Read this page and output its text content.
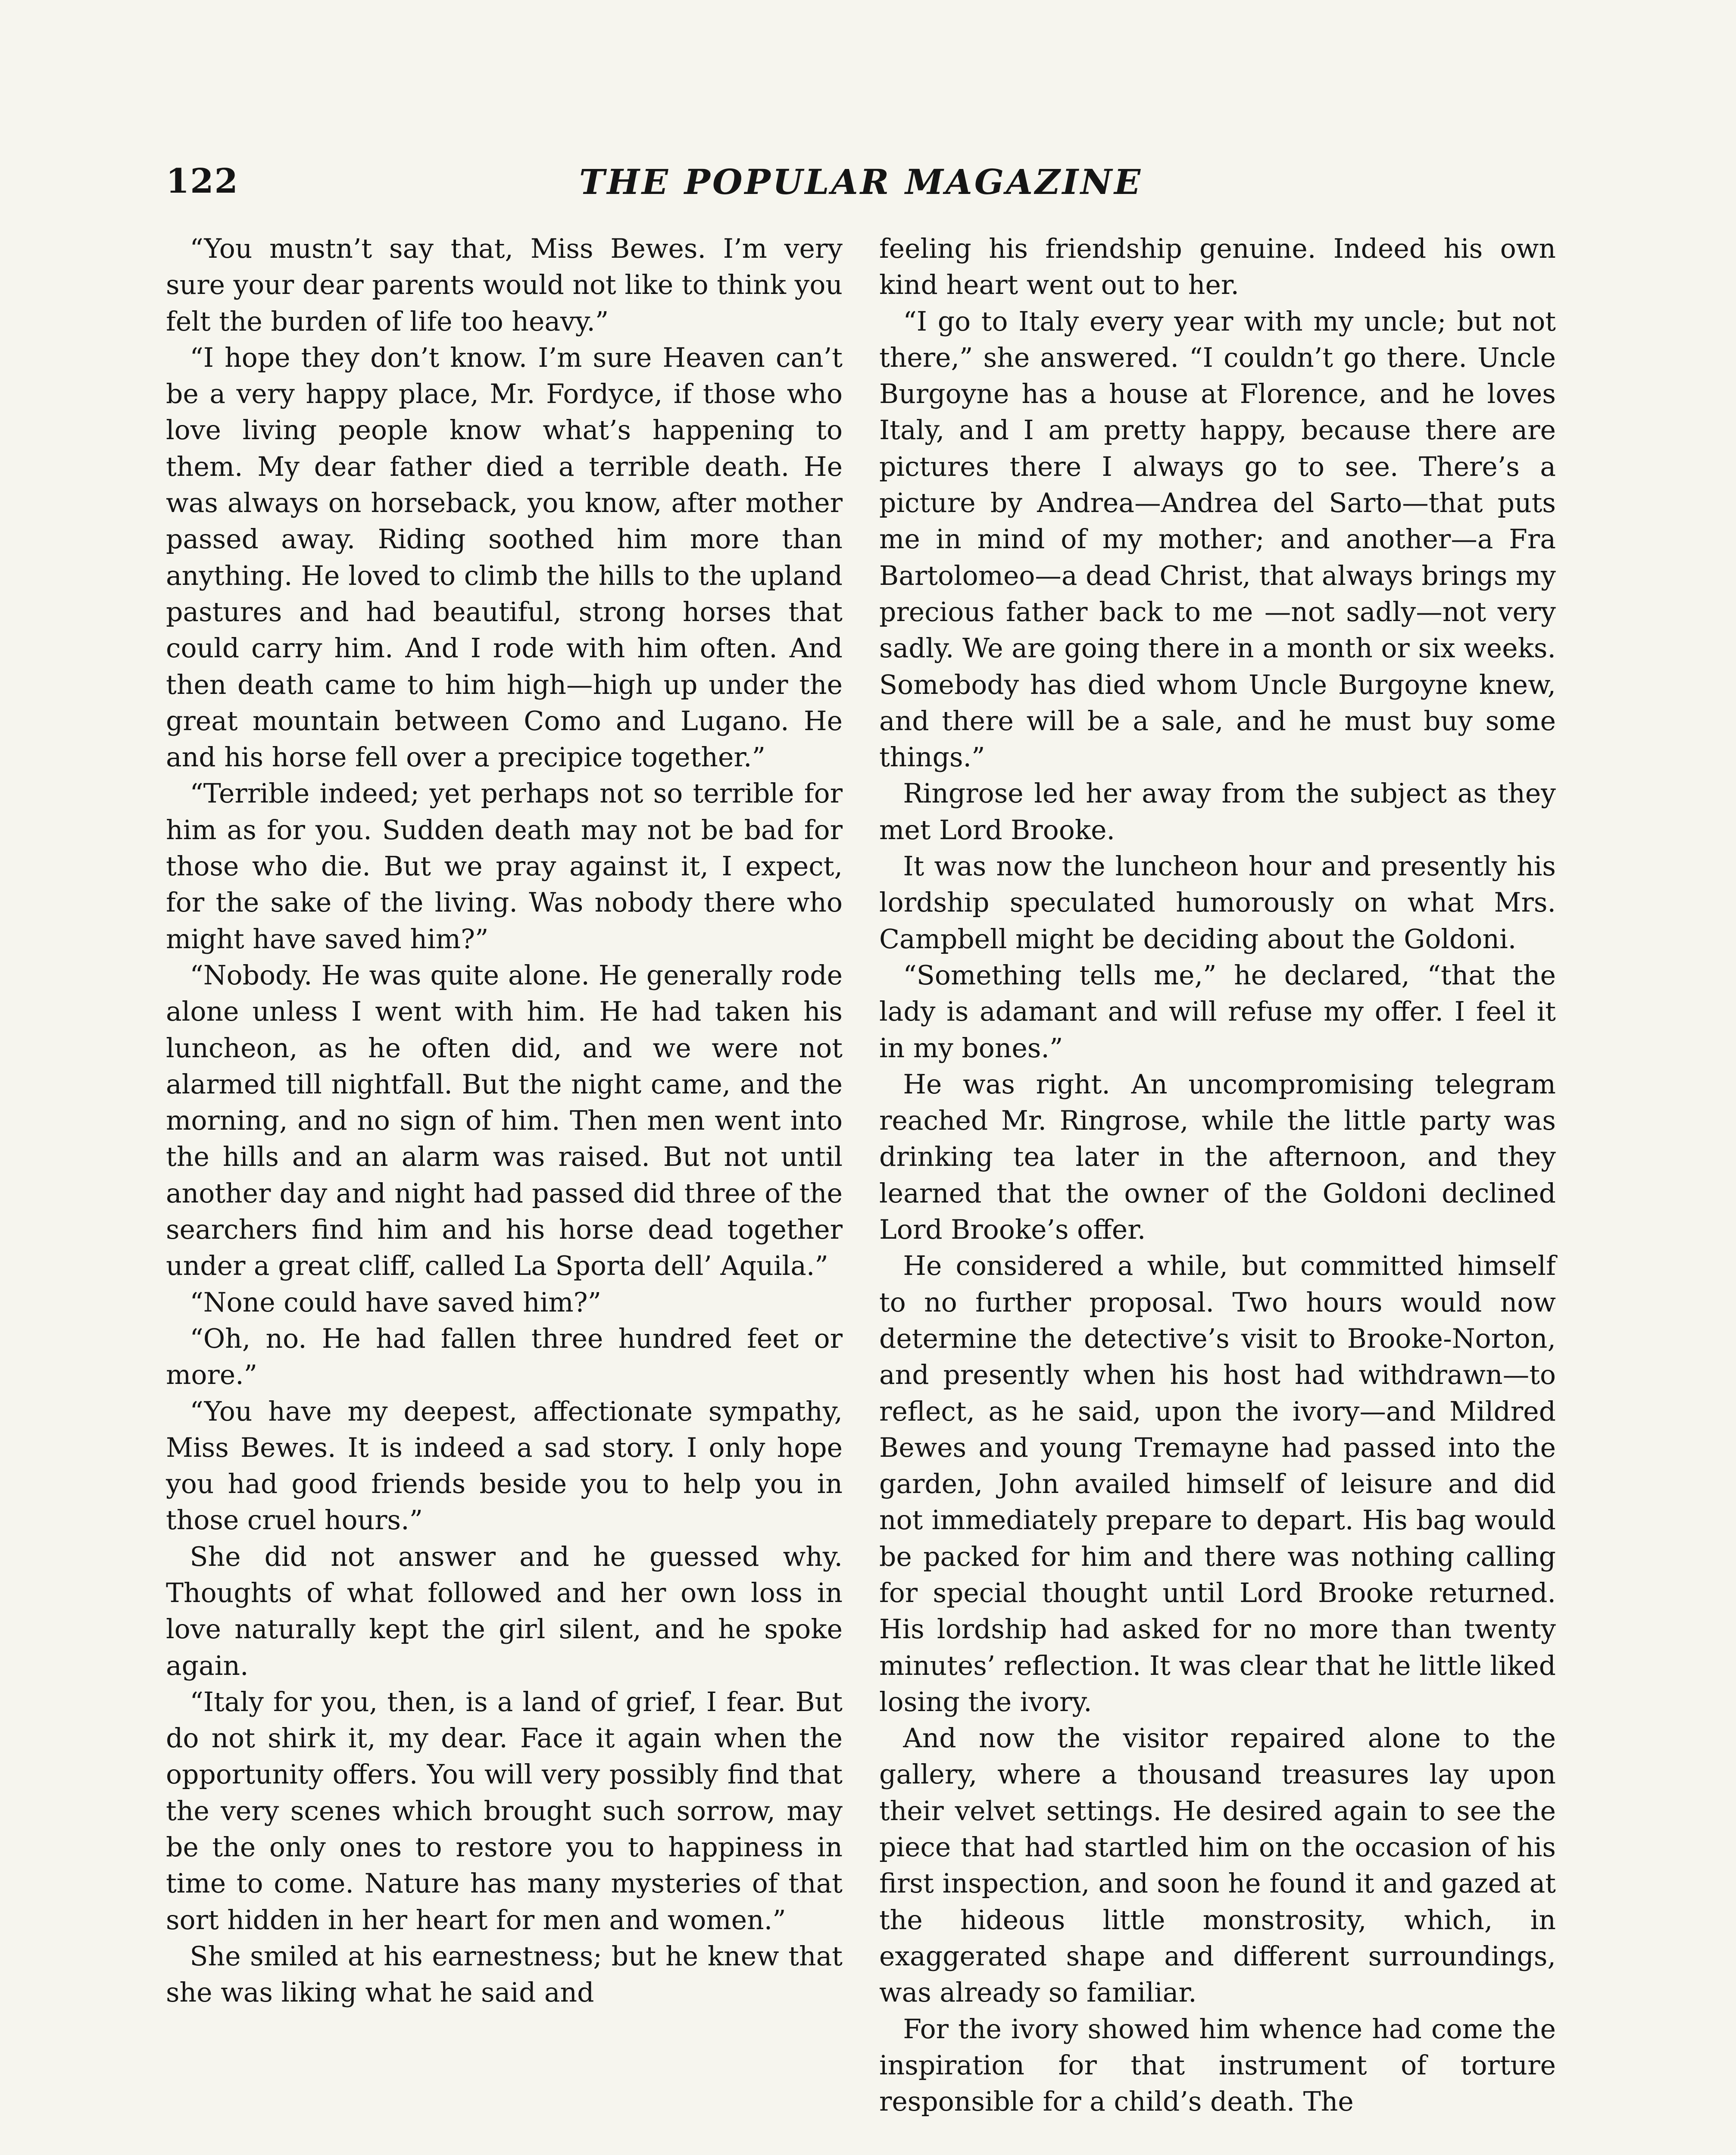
122	THE POPULAR MAGAZINE

“You mustn’t say that, Miss Bewes. I’m very sure your dear parents would not like to think you felt the burden of life too heavy.”

“I hope they don’t know. I’m sure Heaven can’t be a very happy place, Mr. Fordyce, if those who love living people know what’s happening to them. My dear father died a terrible death. He was always on horseback, you know, after mother passed away. Riding soothed him more than anything. He loved to climb the hills to the upland pastures and had beautiful, strong horses that could carry him. And I rode with him often. And then death came to him high—high up under the great mountain between Como and Lugano. He and his horse fell over a precipice together.”

“Terrible indeed; yet perhaps not so terrible for him as for you. Sudden death may not be bad for those who die. But we pray against it, I expect, for the sake of the living. Was nobody there who might have saved him?”

“Nobody. He was quite alone. He generally rode alone unless I went with him. He had taken his luncheon, as he often did, and we were not alarmed till nightfall. But the night came, and the morning, and no sign of him. Then men went into the hills and an alarm was raised. But not until another day and night had passed did three of the searchers find him and his horse dead together under a great cliff, called La Sporta dell’ Aquila.”

“None could have saved him?”

“Oh, no. He had fallen three hundred feet or more.”

“You have my deepest, affectionate sympathy, Miss Bewes. It is indeed a sad story. I only hope you had good friends beside you to help you in those cruel hours.”

She did not answer and he guessed why. Thoughts of what followed and her own loss in love naturally kept the girl silent, and he spoke again.

“Italy for you, then, is a land of grief, I fear. But do not shirk it, my dear. Face it again when the opportunity offers. You will very possibly find that the very scenes which brought such sorrow, may be the only ones to restore you to happiness in time to come. Nature has many mysteries of that sort hidden in her heart for men and women.”

She smiled at his earnestness; but he knew that she was liking what he said and

feeling his friendship genuine. Indeed his own kind heart went out to her.

“I go to Italy every year with my uncle; but not there,” she answered. “I couldn’t go there. Uncle Burgoyne has a house at Florence, and he loves Italy, and I am pretty happy, because there are pictures there I always go to see. There’s a picture by Andrea—Andrea del Sarto—that puts me in mind of my mother; and another—a Fra Bartolomeo—a dead Christ, that always brings my precious father back to me —not sadly—not very sadly. We are going there in a month or six weeks. Somebody has died whom Uncle Burgoyne knew, and there will be a sale, and he must buy some things.”

Ringrose led her away from the subject as they met Lord Brooke.

It was now the luncheon hour and presently his lordship speculated humorously on what Mrs. Campbell might be deciding about the Goldoni.

“Something tells me,” he declared, “that the lady is adamant and will refuse my offer. I feel it in my bones.”

He was right. An uncompromising telegram reached Mr. Ringrose, while the little party was drinking tea later in the afternoon, and they learned that the owner of the Goldoni declined Lord Brooke’s offer.

He considered a while, but committed himself to no further proposal. Two hours would now determine the detective’s visit to Brooke-Norton, and presently when his host had withdrawn—to reflect, as he said, upon the ivory—and Mildred Bewes and young Tremayne had passed into the garden, John availed himself of leisure and did not immediately prepare to depart. His bag would be packed for him and there was nothing calling for special thought until Lord Brooke returned. His lordship had asked for no more than twenty minutes’ reflection. It was clear that he little liked losing the ivory.

And now the visitor repaired alone to the gallery, where a thousand treasures lay upon their velvet settings. He desired again to see the piece that had startled him on the occasion of his first inspection, and soon he found it and gazed at the hideous little monstrosity, which, in exaggerated shape and different surroundings, was already so familiar.

For the ivory showed him whence had come the inspiration for that instrument of torture responsible for a child’s death. The
